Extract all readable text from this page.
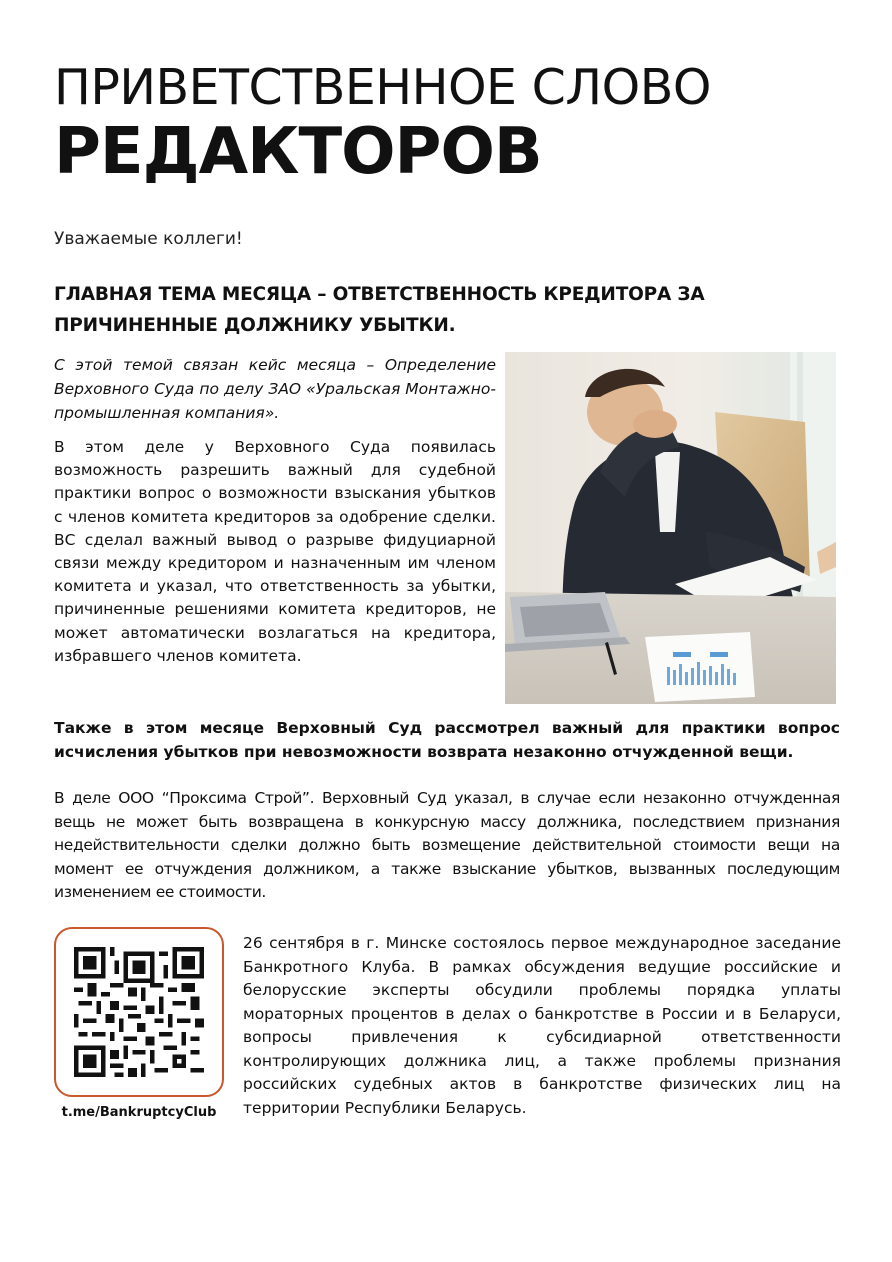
ПРИВЕТСТВЕННОЕ СЛОВО
РЕДАКТОРОВ
Уважаемые коллеги!
ГЛАВНАЯ ТЕМА МЕСЯЦА – ОТВЕТСТВЕННОСТЬ КРЕДИТОРА ЗА ПРИЧИНЕННЫЕ ДОЛЖНИКУ УБЫТКИ.
С этой темой связан кейс месяца – Определение Верховного Суда по делу ЗАО «Уральская Монтажно-промышленная компания».
В этом деле у Верховного Суда появилась возможность разрешить важный для судебной практики вопрос о возможности взыскания убытков с членов комитета кредиторов за одобрение сделки. ВС сделал важный вывод о разрыве фидуциарной связи между кредитором и назначенным им членом комитета и указал, что ответственность за убытки, причиненные решениями комитета кредиторов, не может автоматически возлагаться на кредитора, избравшего членов комитета.
Также в этом месяце Верховный Суд рассмотрел важный для практики вопрос исчисления убытков при невозможности возврата незаконно отчужденной вещи.
В деле ООО “Проксима Строй”. Верховный Суд указал, в случае если незаконно отчужденная вещь не может быть возвращена в конкурсную массу должника, последствием признания недействительности сделки должно быть возмещение действительной стоимости вещи на момент ее отчуждения должником, а также взыскание убытков, вызванных последующим изменением ее стоимости.
t.me/BankruptcyClub
26 сентября в г. Минске состоялось первое международное заседание Банкротного Клуба. В рамках обсуждения ведущие российские и белорусские эксперты обсудили проблемы порядка уплаты мораторных процентов в делах о банкротстве в России и в Беларуси, вопросы привлечения к субсидиарной ответственности контролирующих должника лиц, а также проблемы признания российских судебных актов в банкротстве физических лиц на территории Республики Беларусь.
